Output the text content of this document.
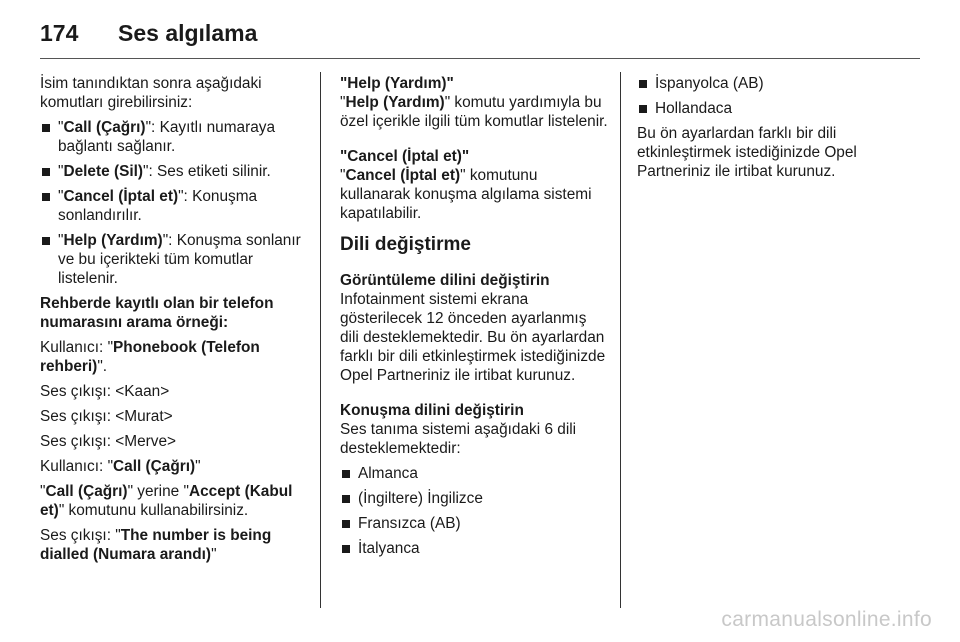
174 Ses algılama

İsim tanındıktan sonra aşağıdaki komutları girebilirsiniz:

"Call (Çağrı)": Kayıtlı numaraya bağlantı sağlanır.
"Delete (Sil)": Ses etiketi silinir.
"Cancel (İptal et)": Konuşma sonlandırılır.
"Help (Yardım)": Konuşma sonlanır ve bu içerikteki tüm komutlar listelenir.

Rehberde kayıtlı olan bir telefon numarasını arama örneği:

Kullanıcı: "Phonebook (Telefon rehberi)".

Ses çıkışı: <Kaan>

Ses çıkışı: <Murat>

Ses çıkışı: <Merve>

Kullanıcı: "Call (Çağrı)"

"Call (Çağrı)" yerine "Accept (Kabul et)" komutunu kullanabilirsiniz.

Ses çıkışı: "The number is being dialled (Numara arandı)"

"Help (Yardım)"

"Help (Yardım)" komutu yardımıyla bu özel içerikle ilgili tüm komutlar listelenir.

"Cancel (İptal et)"

"Cancel (İptal et)" komutunu kullanarak konuşma algılama sistemi kapatılabilir.

Dili değiştirme

Görüntüleme dilini değiştirin

Infotainment sistemi ekrana gösterilecek 12 önceden ayarlanmış dili desteklemektedir. Bu ön ayarlardan farklı bir dili etkinleştirmek istediğinizde Opel Partneriniz ile irtibat kurunuz.

Konuşma dilini değiştirin

Ses tanıma sistemi aşağıdaki 6 dili desteklemektedir:

Almanca
(İngiltere) İngilizce
Fransızca (AB)
İtalyanca
İspanyolca (AB)
Hollandaca

Bu ön ayarlardan farklı bir dili etkinleştirmek istediğinizde Opel Partneriniz ile irtibat kurunuz.

carmanualsonline.info
